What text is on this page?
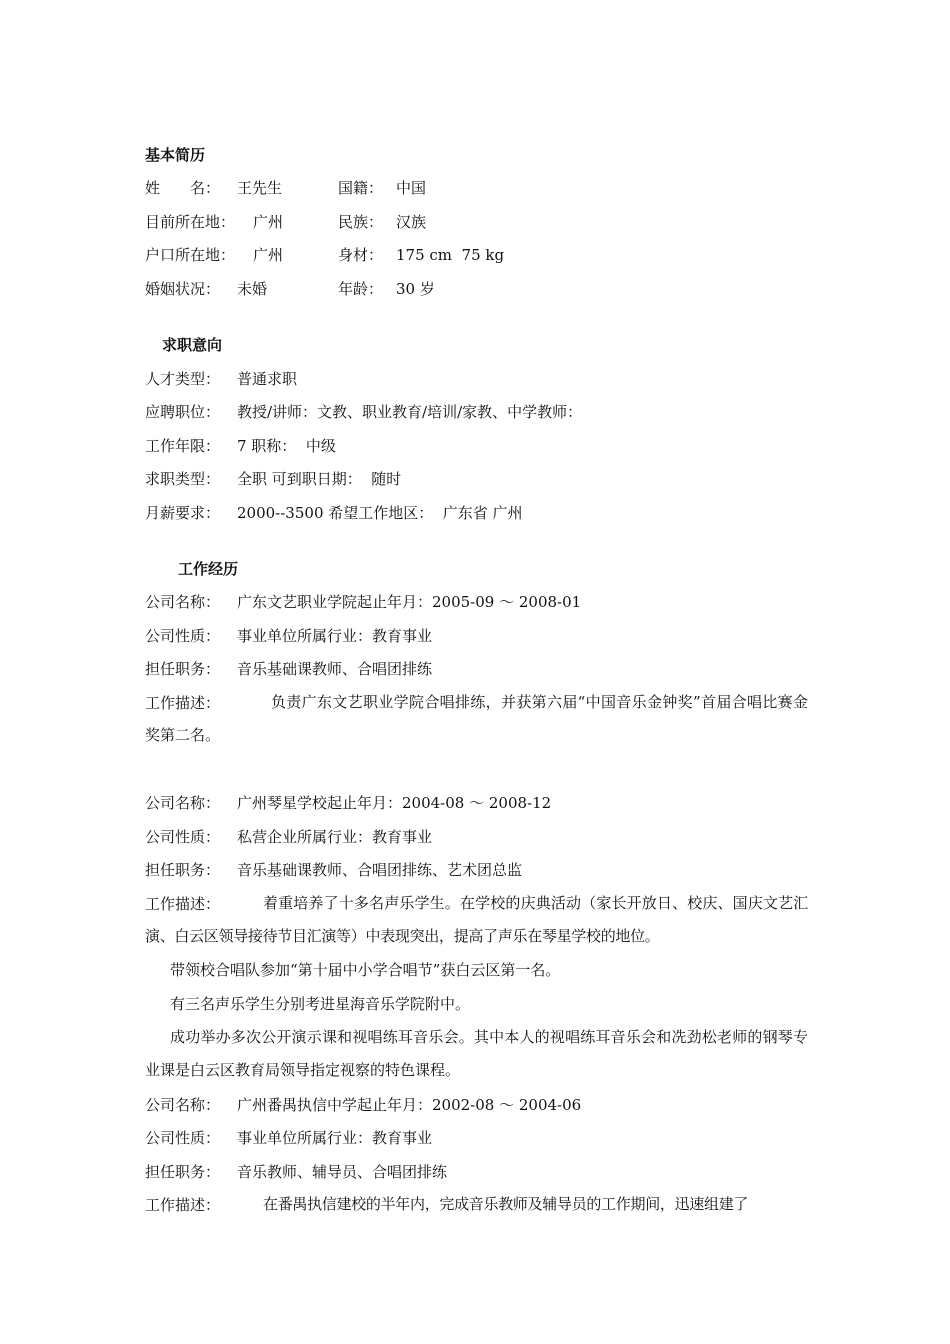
基本简历
姓　　名： 王先生	国籍： 中国
目前所在地： 广州	民族： 汉族
户口所在地： 广州	身材： 175 cm  75 kg
婚姻状况： 未婚	年龄： 30 岁
求职意向
人才类型： 普通求职
应聘职位： 教授/讲师：文教、职业教育/培训/家教、中学教师：
工作年限： 7 职称：  中级
求职类型： 全职 可到职日期：  随时
月薪要求： 2000--3500 希望工作地区：  广东省 广州
工作经历
公司名称： 广东文艺职业学院起止年月：2005-09 ～ 2008-01
公司性质： 事业单位所属行业：教育事业
担任职务： 音乐基础课教师、合唱团排练
工作描述：	负责广东文艺职业学院合唱排练，并获第六届“中国音乐金钟奖”首届合唱比赛金奖第二名。
公司名称： 广州琴星学校起止年月：2004-08 ～ 2008-12
公司性质： 私营企业所属行业：教育事业
担任职务： 音乐基础课教师、合唱团排练、艺术团总监
工作描述：	着重培养了十多名声乐学生。在学校的庆典活动（家长开放日、校庆、国庆文艺汇演、白云区领导接待节目汇演等）中表现突出，提高了声乐在琴星学校的地位。
带领校合唱队参加“第十届中小学合唱节”获白云区第一名。
有三名声乐学生分别考进星海音乐学院附中。
成功举办多次公开演示课和视唱练耳音乐会。其中本人的视唱练耳音乐会和冼劲松老师的钢琴专业课是白云区教育局领导指定视察的特色课程。
公司名称： 广州番禺执信中学起止年月：2002-08 ～ 2004-06
公司性质： 事业单位所属行业：教育事业
担任职务： 音乐教师、辅导员、合唱团排练
工作描述：	在番禺执信建校的半年内，完成音乐教师及辅导员的工作期间，迅速组建了
